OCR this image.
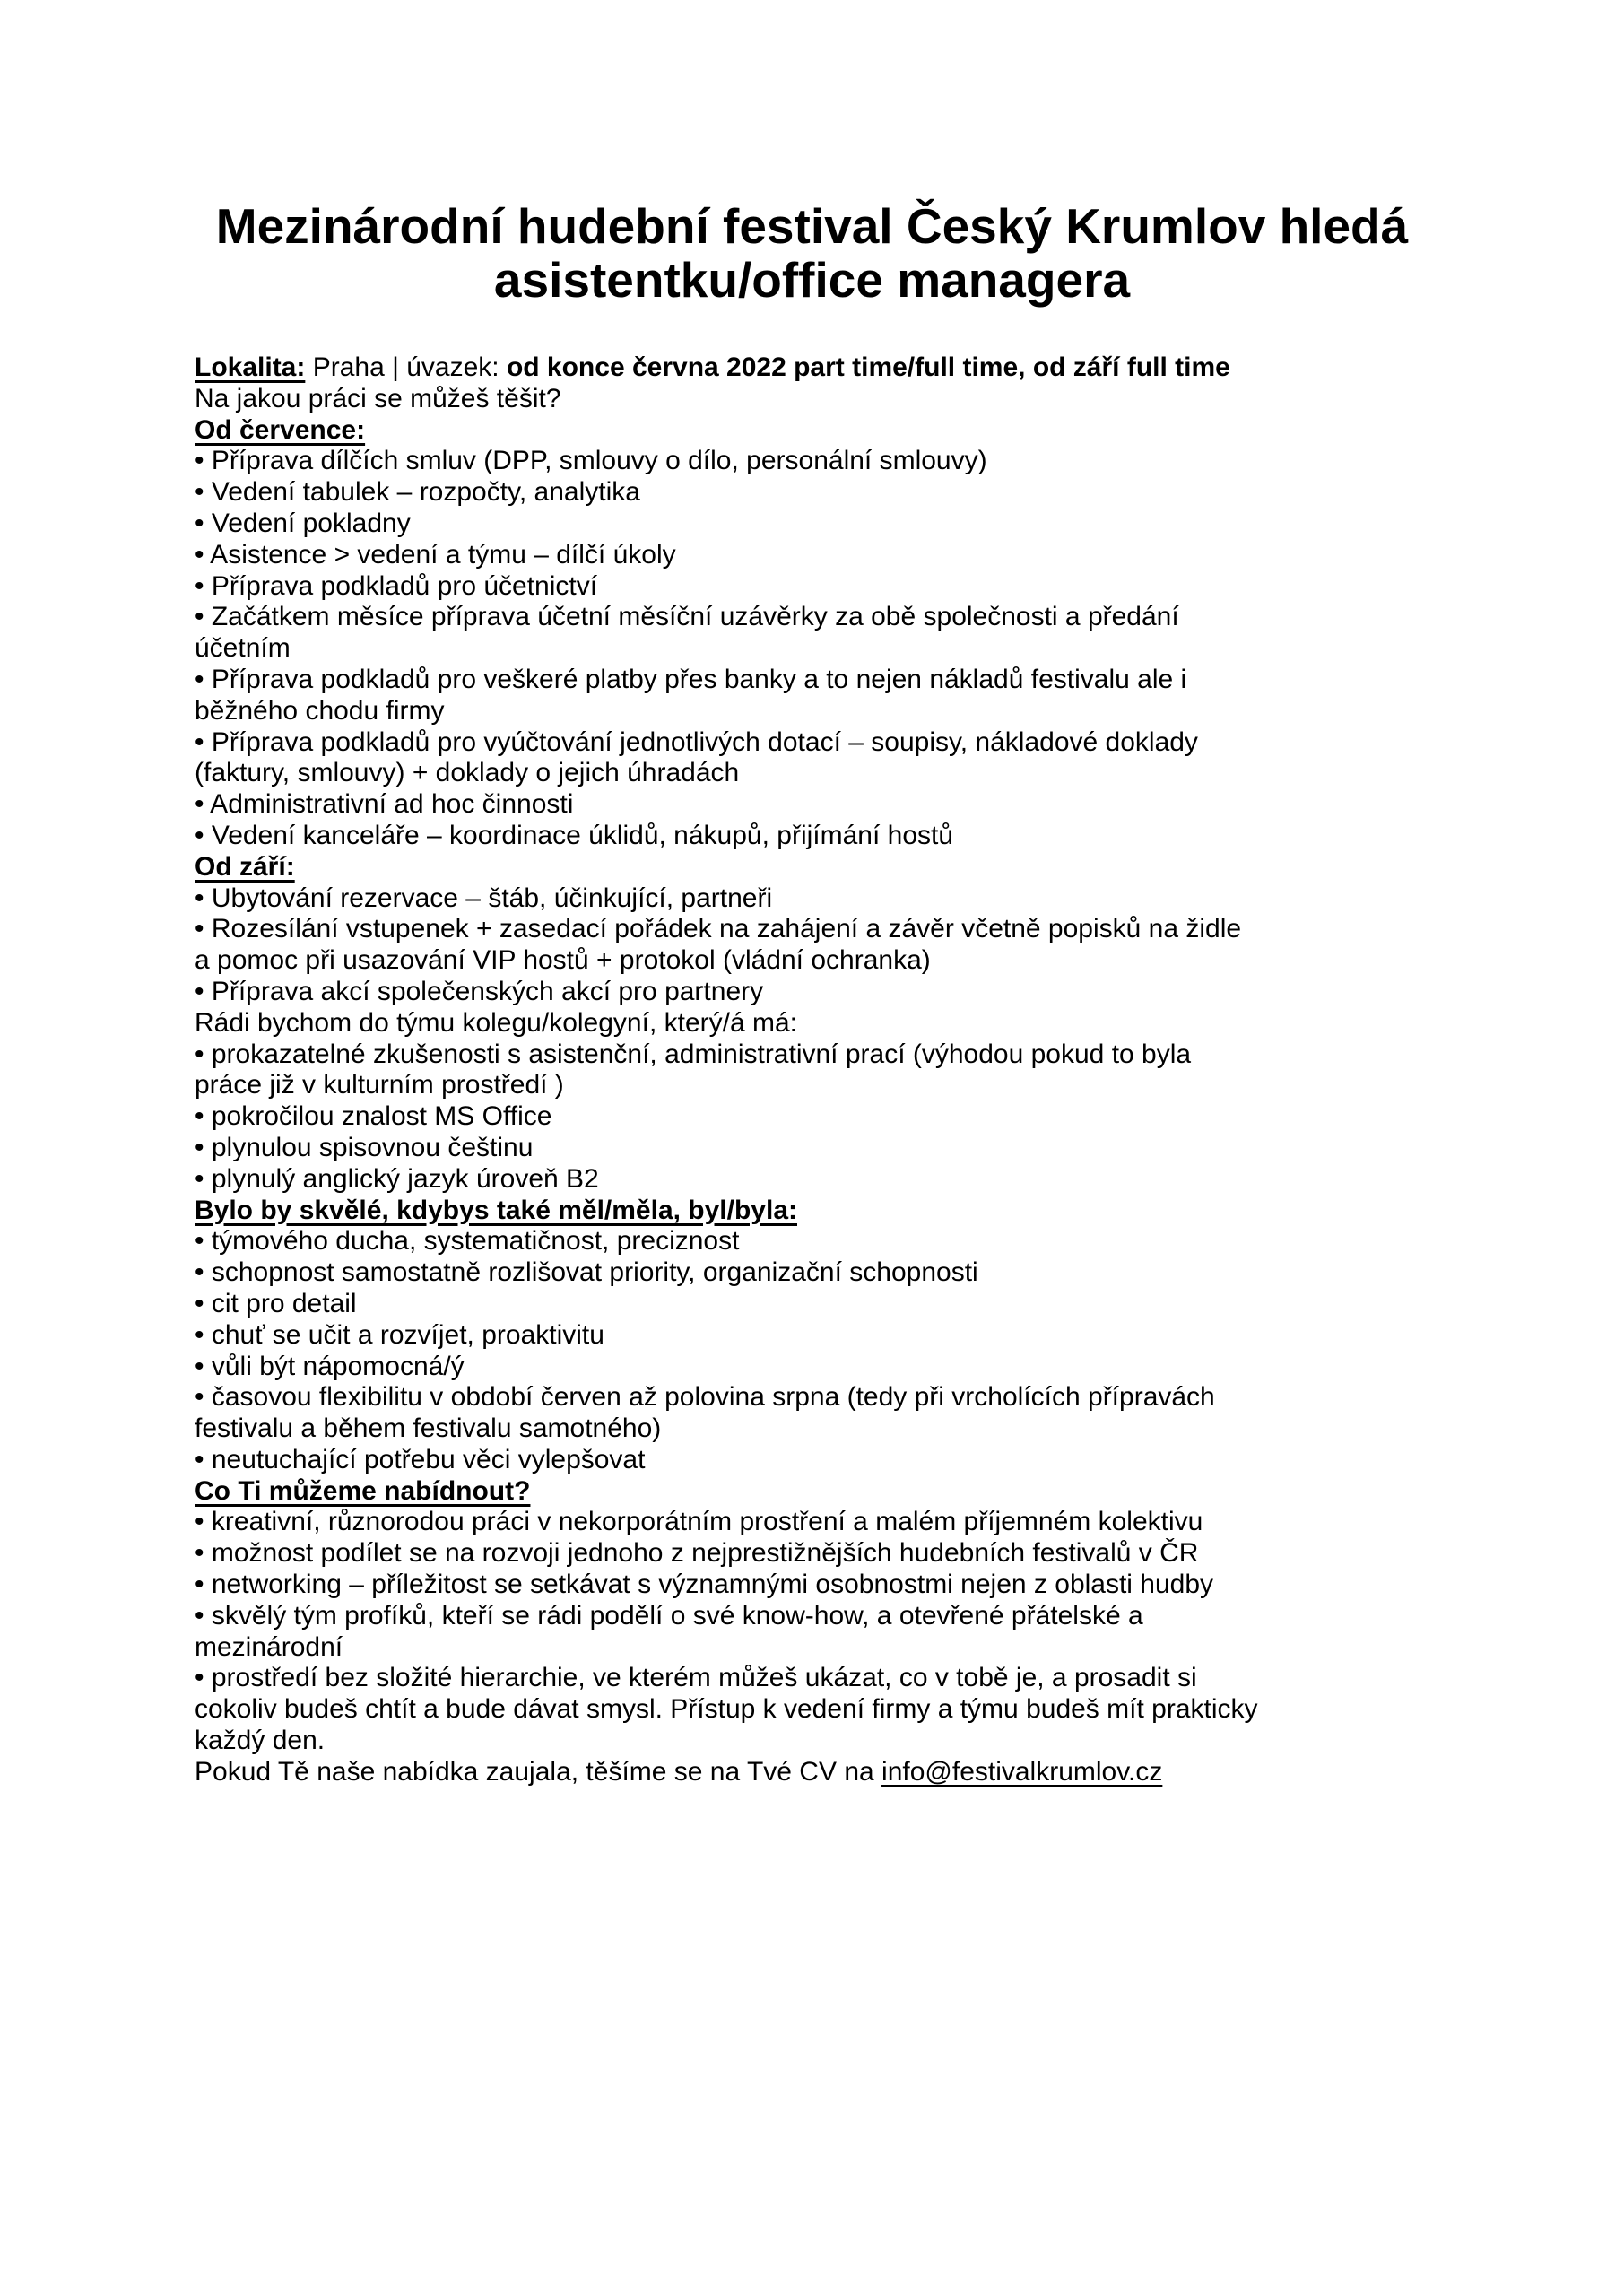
Mezinárodní hudební festival Český Krumlov hledá
asistentku/office managera
Lokalita: Praha | úvazek: od konce června 2022 part time/full time, od září full time
Na jakou práci se můžeš těšit?
Od července:
• Příprava dílčích smluv (DPP, smlouvy o dílo, personální smlouvy)
• Vedení tabulek – rozpočty, analytika
• Vedení pokladny
• Asistence > vedení a týmu – dílčí úkoly
• Příprava podkladů pro účetnictví
• Začátkem měsíce příprava účetní měsíční uzávěrky za obě společnosti a předání účetním
• Příprava podkladů pro veškeré platby přes banky a to nejen nákladů festivalu ale i běžného chodu firmy
• Příprava podkladů pro vyúčtování jednotlivých dotací – soupisy, nákladové doklady (faktury, smlouvy) + doklady o jejich úhradách
• Administrativní ad hoc činnosti
• Vedení kanceláře – koordinace úklidů, nákupů, přijímání hostů
Od září:
• Ubytování rezervace – štáb, účinkující, partneři
• Rozesílání vstupenek + zasedací pořádek na zahájení a závěr včetně popisků na židle a pomoc při usazování VIP hostů + protokol (vládní ochranka)
• Příprava akcí společenských akcí pro partnery
Rádi bychom do týmu kolegu/kolegyní, který/á má:
• prokazatelné zkušenosti s asistenční, administrativní prací (výhodou pokud to byla práce již v kulturním prostředí )
• pokročilou znalost MS Office
• plynulou spisovnou češtinu
• plynulý anglický jazyk úroveň B2
Bylo by skvělé, kdybys také měl/měla, byl/byla:
• týmového ducha, systematičnost, preciznost
• schopnost samostatně rozlišovat priority, organizační schopnosti
• cit pro detail
• chuť se učit a rozvíjet, proaktivitu
• vůli být nápomocná/ý
• časovou flexibilitu v období červen až polovina srpna (tedy při vrcholících přípravách festivalu a během festivalu samotného)
• neutuchající potřebu věci vylepšovat
Co Ti můžeme nabídnout?
• kreativní, různorodou práci v nekorporátním prostření a malém příjemném kolektivu
• možnost podílet se na rozvoji jednoho z nejprestižnějších hudebních festivalů v ČR
• networking – příležitost se setkávat s významnými osobnostmi nejen z oblasti hudby
• skvělý tým profíků, kteří se rádi podělí o své know-how, a otevřené přátelské a mezinárodní
• prostředí bez složité hierarchie, ve kterém můžeš ukázat, co v tobě je, a prosadit si cokoliv budeš chtít a bude dávat smysl. Přístup k vedení firmy a týmu budeš mít prakticky každý den.
Pokud Tě naše nabídka zaujala, těšíme se na Tvé CV na info@festivalkrumlov.cz
